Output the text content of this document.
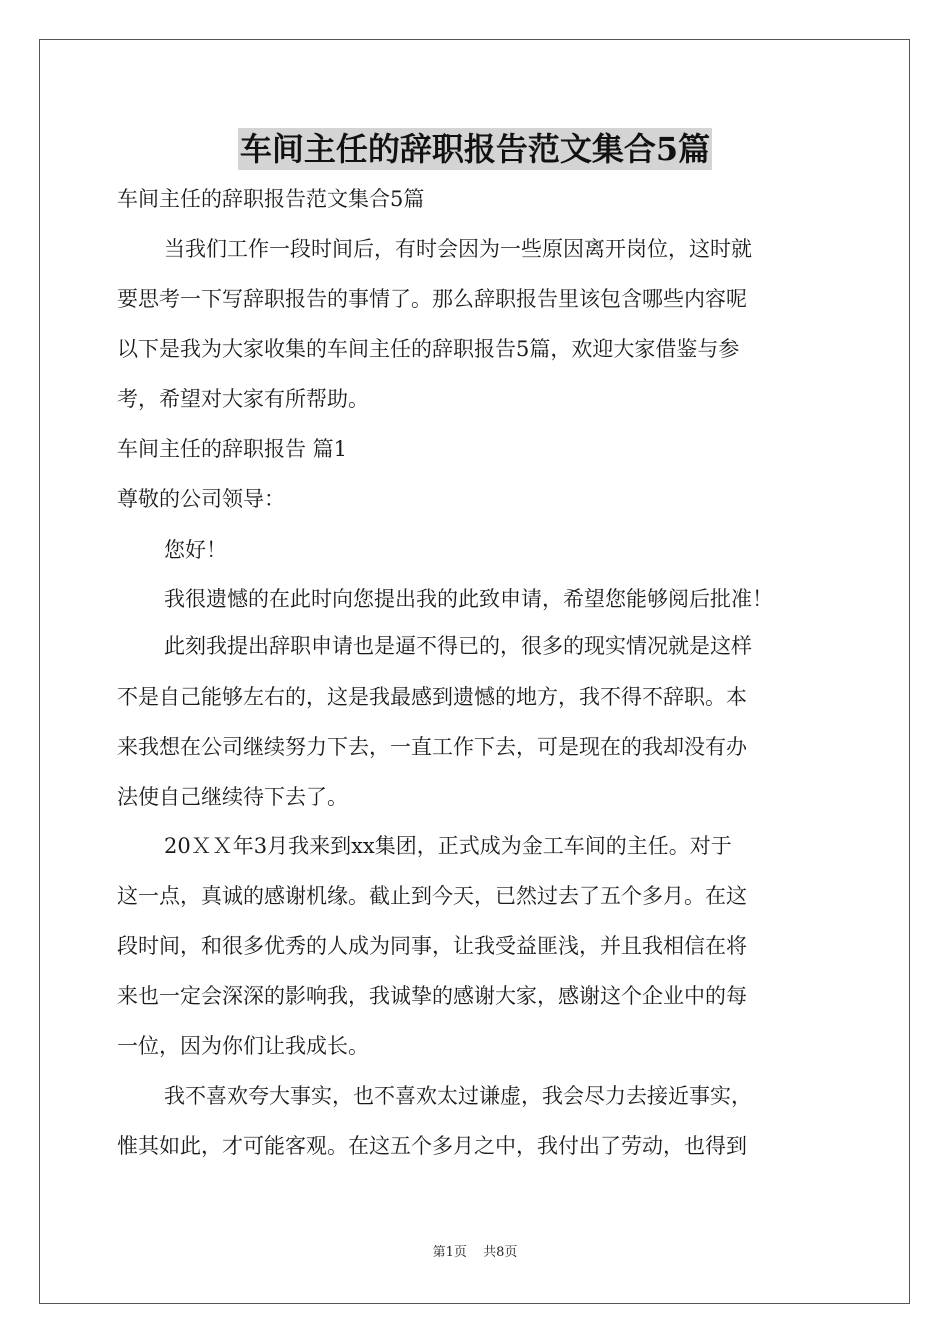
车间主任的辞职报告范文集合5篇
车间主任的辞职报告范文集合5篇
当我们工作一段时间后，有时会因为一些原因离开岗位，这时就
要思考一下写辞职报告的事情了。那么辞职报告里该包含哪些内容呢
以下是我为大家收集的车间主任的辞职报告5篇，欢迎大家借鉴与参
考，希望对大家有所帮助。
车间主任的辞职报告 篇1
尊敬的公司领导：
您好！
我很遗憾的在此时向您提出我的此致申请，希望您能够阅后批准！
此刻我提出辞职申请也是逼不得已的，很多的现实情况就是这样
不是自己能够左右的，这是我最感到遗憾的地方，我不得不辞职。本
来我想在公司继续努力下去，一直工作下去，可是现在的我却没有办
法使自己继续待下去了。
20ＸＸ年3月我来到xx集团，正式成为金工车间的主任。对于
这一点，真诚的感谢机缘。截止到今天，已然过去了五个多月。在这
段时间，和很多优秀的人成为同事，让我受益匪浅，并且我相信在将
来也一定会深深的影响我，我诚挚的感谢大家，感谢这个企业中的每
一位，因为你们让我成长。
我不喜欢夸大事实，也不喜欢太过谦虚，我会尽力去接近事实，
惟其如此，才可能客观。在这五个多月之中，我付出了劳动，也得到
第1页 共8页
